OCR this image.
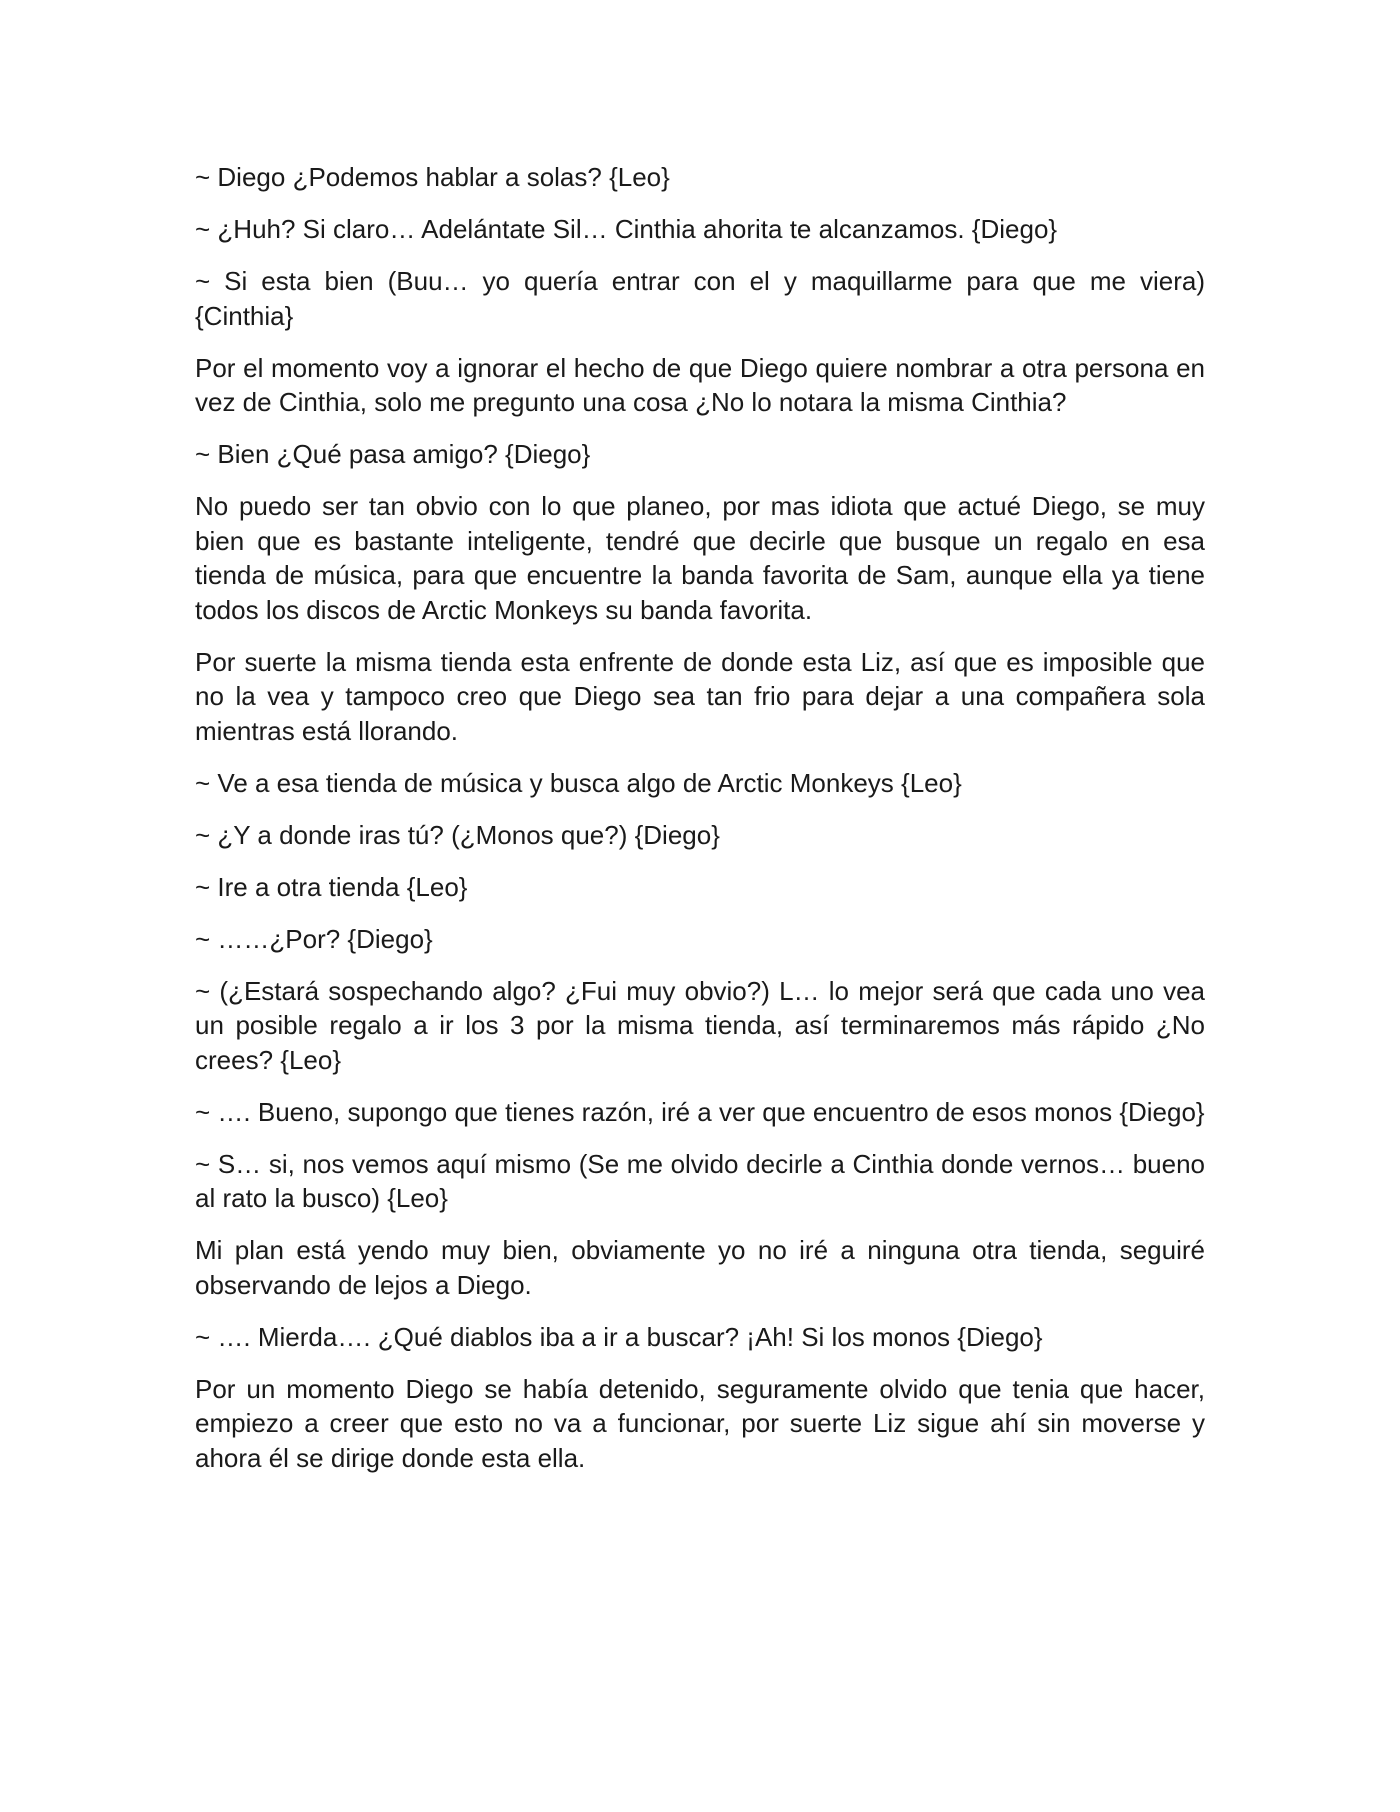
~ Diego ¿Podemos hablar a solas? {Leo}

~ ¿Huh? Si claro… Adelántate Sil… Cinthia ahorita te alcanzamos. {Diego}

~ Si esta bien (Buu… yo quería entrar con el y maquillarme para que me viera) {Cinthia}

Por el momento voy a ignorar el hecho de que Diego quiere nombrar a otra persona en vez de Cinthia, solo me pregunto una cosa ¿No lo notara la misma Cinthia?

~ Bien ¿Qué pasa amigo? {Diego}

No puedo ser tan obvio con lo que planeo, por mas idiota que actué Diego, se muy bien que es bastante inteligente, tendré que decirle que busque un regalo en esa tienda de música, para que encuentre la banda favorita de Sam, aunque ella ya tiene todos los discos de Arctic Monkeys su banda favorita.

Por suerte la misma tienda esta enfrente de donde esta Liz, así que es imposible que no la vea y tampoco creo que Diego sea tan frio para dejar a una compañera sola mientras está llorando.

~ Ve a esa tienda de música y busca algo de Arctic Monkeys {Leo}

~ ¿Y a donde iras tú? (¿Monos que?) {Diego}

~ Ire a otra tienda {Leo}

~ ……¿Por? {Diego}

~ (¿Estará sospechando algo? ¿Fui muy obvio?) L… lo mejor será que cada uno vea un posible regalo a ir los 3 por la misma tienda, así terminaremos más rápido ¿No crees? {Leo}

~ …. Bueno, supongo que tienes razón, iré a ver que encuentro de esos monos {Diego}

~ S… si, nos vemos aquí mismo (Se me olvido decirle a Cinthia donde vernos… bueno al rato la busco) {Leo}

Mi plan está yendo muy bien, obviamente yo no iré a ninguna otra tienda, seguiré observando de lejos a Diego.

~ …. Mierda…. ¿Qué diablos iba a ir a buscar? ¡Ah! Si los monos {Diego}

Por un momento Diego se había detenido, seguramente olvido que tenia que hacer, empiezo a creer que esto no va a funcionar, por suerte Liz sigue ahí sin moverse y ahora él se dirige donde esta ella.
